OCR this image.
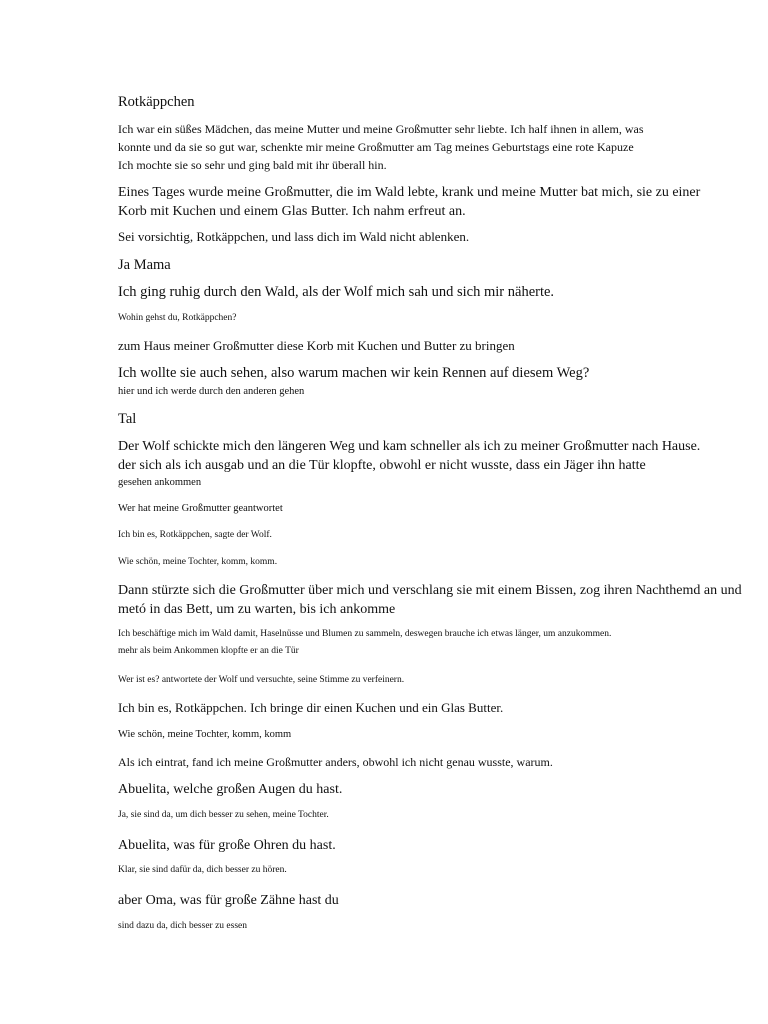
Rotkäppchen

Ich war ein süßes Mädchen, das meine Mutter und meine Großmutter sehr liebte. Ich half ihnen in allem, was
konnte und da sie so gut war, schenkte mir meine Großmutter am Tag meines Geburtstags eine rote Kapuze
Ich mochte sie so sehr und ging bald mit ihr überall hin.

Eines Tages wurde meine Großmutter, die im Wald lebte, krank und meine Mutter bat mich, sie zu einer
Korb mit Kuchen und einem Glas Butter. Ich nahm erfreut an.

Sei vorsichtig, Rotkäppchen, und lass dich im Wald nicht ablenken.

Ja Mama

Ich ging ruhig durch den Wald, als der Wolf mich sah und sich mir näherte.

Wohin gehst du, Rotkäppchen?

zum Haus meiner Großmutter diese Korb mit Kuchen und Butter zu bringen

Ich wollte sie auch sehen, also warum machen wir kein Rennen auf diesem Weg?
hier und ich werde durch den anderen gehen

Tal

Der Wolf schickte mich den längeren Weg und kam schneller als ich zu meiner Großmutter nach Hause.
der sich als ich ausgab und an die Tür klopfte, obwohl er nicht wusste, dass ein Jäger ihn hatte
gesehen ankommen

Wer hat meine Großmutter geantwortet

Ich bin es, Rotkäppchen, sagte der Wolf.

Wie schön, meine Tochter, komm, komm.

Dann stürzte sich die Großmutter über mich und verschlang sie mit einem Bissen, zog ihren Nachthemd an und
metó in das Bett, um zu warten, bis ich ankomme

Ich beschäftige mich im Wald damit, Haselnüsse und Blumen zu sammeln, deswegen brauche ich etwas länger, um anzukommen.
mehr als beim Ankommen klopfte er an die Tür

Wer ist es? antwortete der Wolf und versuchte, seine Stimme zu verfeinern.

Ich bin es, Rotkäppchen. Ich bringe dir einen Kuchen und ein Glas Butter.

Wie schön, meine Tochter, komm, komm

Als ich eintrat, fand ich meine Großmutter anders, obwohl ich nicht genau wusste, warum.

Abuelita, welche großen Augen du hast.

Ja, sie sind da, um dich besser zu sehen, meine Tochter.

Abuelita, was für große Ohren du hast.

Klar, sie sind dafür da, dich besser zu hören.

aber Oma, was für große Zähne hast du

sind dazu da, dich besser zu essen
